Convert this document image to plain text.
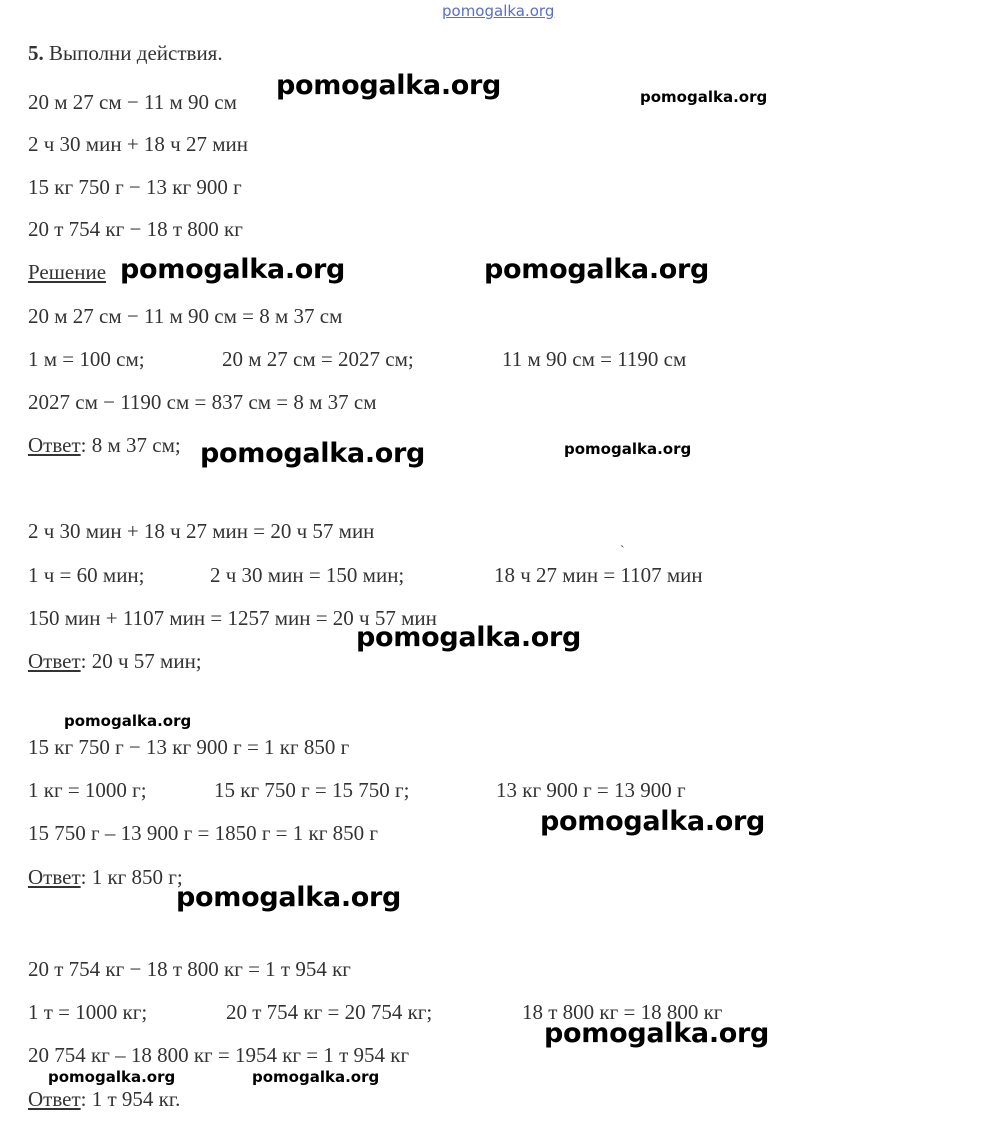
pomogalka.org

5. Выполни действия.

20 м 27 см − 11 м 90 см

2 ч 30 мин + 18 ч 27 мин

15 кг 750 г − 13 кг 900 г

20 т 754 кг − 18 т 800 кг

Решение

20 м 27 см − 11 м 90 см = 8 м 37 см

1 м = 100 см;	20 м 27 см = 2027 см;	11 м 90 см = 1190 см

2027 см − 1190 см = 837 см = 8 м 37 см

Ответ: 8 м 37 см;

2 ч 30 мин + 18 ч 27 мин = 20 ч 57 мин

1 ч = 60 мин;	2 ч 30 мин = 150 мин;	18 ч 27 мин = 1107 мин

150 мин + 1107 мин = 1257 мин = 20 ч 57 мин

Ответ: 20 ч 57 мин;

15 кг 750 г − 13 кг 900 г = 1 кг 850 г

1 кг = 1000 г;	15 кг 750 г = 15 750 г;	13 кг 900 г = 13 900 г

15 750 г – 13 900 г = 1850 г = 1 кг 850 г

Ответ: 1 кг 850 г;

20 т 754 кг − 18 т 800 кг = 1 т 954 кг

1 т = 1000 кг;	20 т 754 кг = 20 754 кг;	18 т 800 кг = 18 800 кг

20 754 кг – 18 800 кг = 1954 кг = 1 т 954 кг

Ответ: 1 т 954 кг.

`

pomogalka.org	pomogalka.org

pomogalka.org	pomogalka.org

pomogalka.org	pomogalka.org

pomogalka.org

pomogalka.org

pomogalka.org

pomogalka.org

pomogalka.org

pomogalka.org	pomogalka.org
